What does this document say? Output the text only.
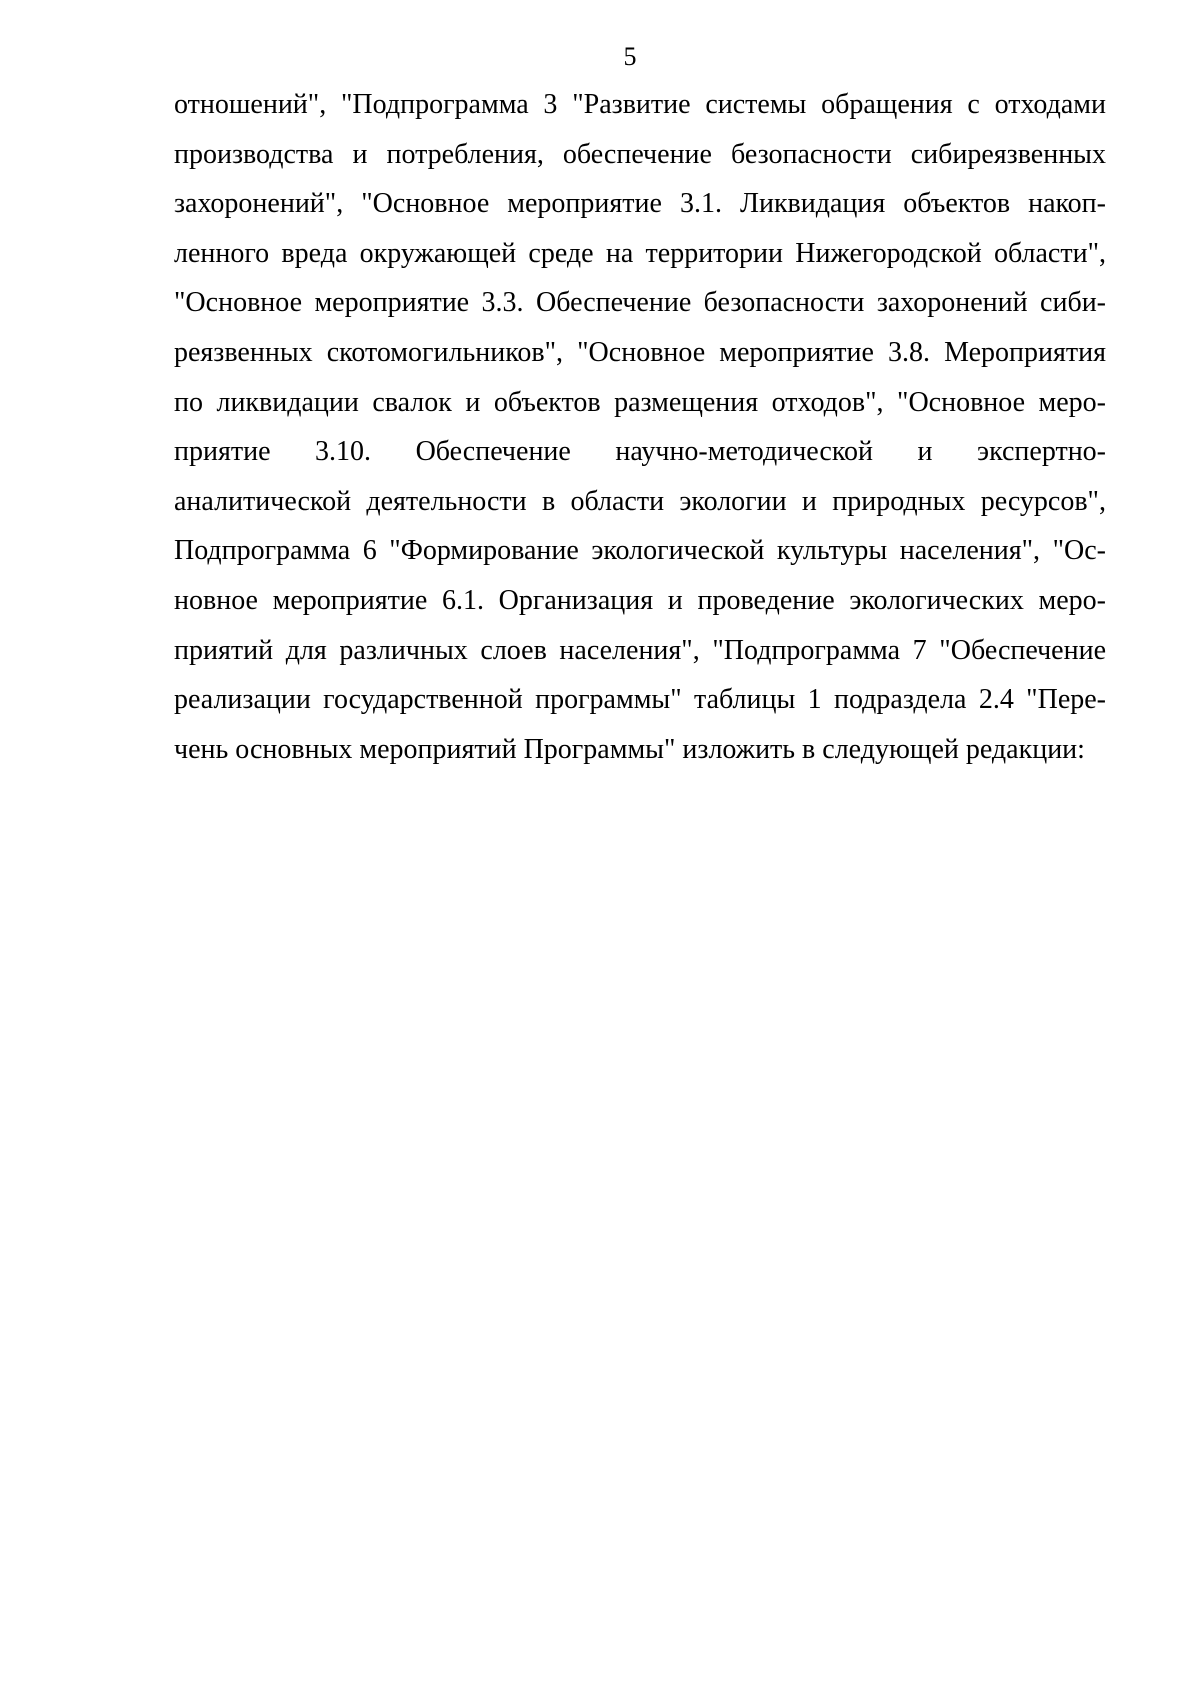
5
отношений", "Подпрограмма 3 "Развитие системы обращения с отходами
производства и потребления, обеспечение безопасности сибиреязвенных
захоронений", "Основное мероприятие 3.1. Ликвидация объектов накоп-
ленного вреда окружающей среде на территории Нижегородской области",
"Основное мероприятие 3.3. Обеспечение безопасности захоронений сиби-
реязвенных скотомогильников", "Основное мероприятие 3.8. Мероприятия
по ликвидации свалок и объектов размещения отходов", "Основное меро-
приятие 3.10. Обеспечение научно-методической и экспертно-
аналитической деятельности в области экологии и природных ресурсов",
Подпрограмма 6 "Формирование экологической культуры населения", "Ос-
новное мероприятие 6.1. Организация и проведение экологических меро-
приятий для различных слоев населения", "Подпрограмма 7 "Обеспечение
реализации государственной программы" таблицы 1 подраздела 2.4 "Пере-
чень основных мероприятий Программы" изложить в следующей редакции:
